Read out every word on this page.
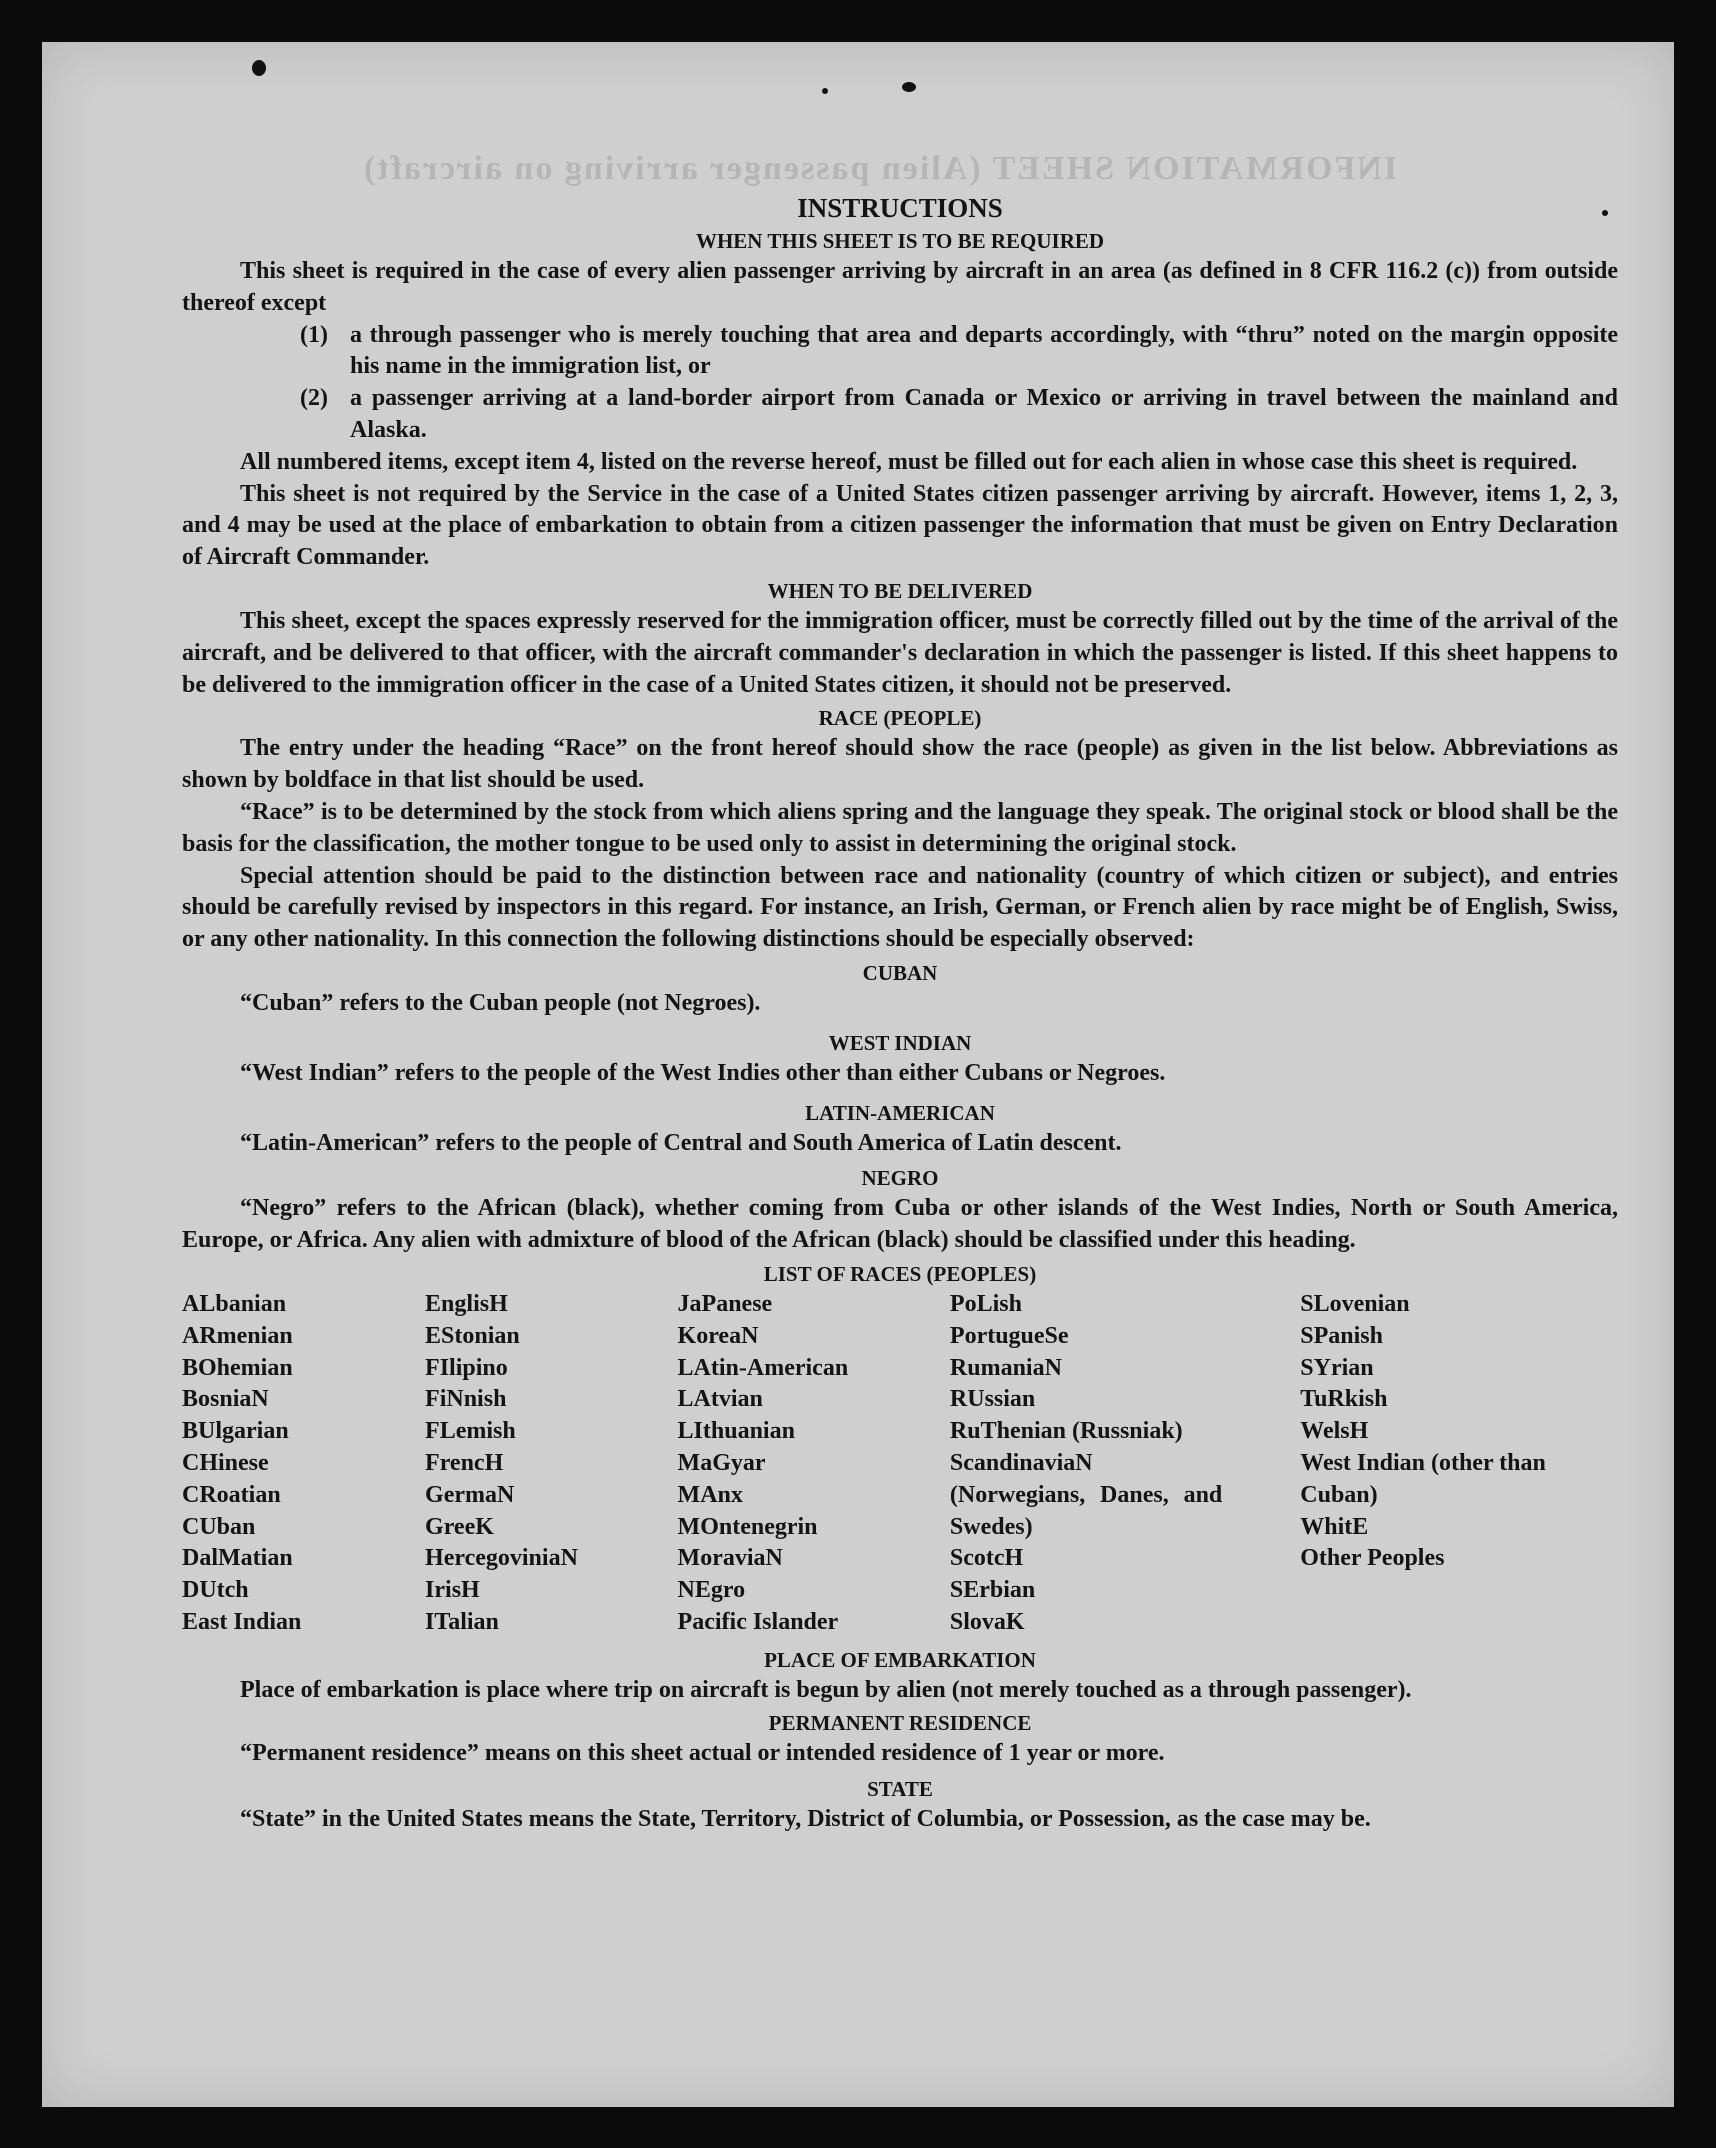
INFORMATION SHEET (Alien passenger arriving on aircraft)
INSTRUCTIONS
WHEN THIS SHEET IS TO BE REQUIRED

This sheet is required in the case of every alien passenger arriving by aircraft in an area (as defined in 8 CFR 116.2 (c)) from outside thereof except

(1) a through passenger who is merely touching that area and departs accordingly, with “thru” noted on the margin opposite his name in the immigration list, or
(2) a passenger arriving at a land-border airport from Canada or Mexico or arriving in travel between the mainland and Alaska.

All numbered items, except item 4, listed on the reverse hereof, must be filled out for each alien in whose case this sheet is required.

This sheet is not required by the Service in the case of a United States citizen passenger arriving by aircraft. However, items 1, 2, 3, and 4 may be used at the place of embarkation to obtain from a citizen passenger the information that must be given on Entry Declaration of Aircraft Commander.

WHEN TO BE DELIVERED

This sheet, except the spaces expressly reserved for the immigration officer, must be correctly filled out by the time of the arrival of the aircraft, and be delivered to that officer, with the aircraft commander's declaration in which the passenger is listed. If this sheet happens to be delivered to the immigration officer in the case of a United States citizen, it should not be preserved.

RACE (PEOPLE)

The entry under the heading “Race” on the front hereof should show the race (people) as given in the list below. Abbreviations as shown by boldface in that list should be used.

“Race” is to be determined by the stock from which aliens spring and the language they speak. The original stock or blood shall be the basis for the classification, the mother tongue to be used only to assist in determining the original stock.

Special attention should be paid to the distinction between race and nationality (country of which citizen or subject), and entries should be carefully revised by inspectors in this regard. For instance, an Irish, German, or French alien by race might be of English, Swiss, or any other nationality. In this connection the following distinctions should be especially observed:

CUBAN

“Cuban” refers to the Cuban people (not Negroes).

WEST INDIAN

“West Indian” refers to the people of the West Indies other than either Cubans or Negroes.

LATIN-AMERICAN

“Latin-American” refers to the people of Central and South America of Latin descent.

NEGRO

“Negro” refers to the African (black), whether coming from Cuba or other islands of the West Indies, North or South America, Europe, or Africa. Any alien with admixture of blood of the African (black) should be classified under this heading.

LIST OF RACES (PEOPLES)
ALbanian
ARmenian
BOhemian
BosniaN
BUlgarian
CHinese
CRoatian
CUban
DalMatian
DUtch
East Indian
EnglisH
EStonian
FIlipino
FiNnish
FLemish
FrencH
GermaN
GreeK
HercegoviniaN
IrisH
ITalian
JaPanese
KoreaN
LAtin-American
LAtvian
LIthuanian
MaGyar
MAnx
MOntenegrin
MoraviaN
NEgro
Pacific Islander
PoLish
PortugueSe
RumaniaN
RUssian
RuThenian (Russniak)
ScandinaviaN (Norwegians, Danes, and Swedes)
ScotcH
SErbian
SlovaK
SLovenian
SPanish
SYrian
TuRkish
WelsH
West Indian (other than Cuban)
WhitE
Other Peoples
PLACE OF EMBARKATION

Place of embarkation is place where trip on aircraft is begun by alien (not merely touched as a through passenger).

PERMANENT RESIDENCE

“Permanent residence” means on this sheet actual or intended residence of 1 year or more.

STATE

“State” in the United States means the State, Territory, District of Columbia, or Possession, as the case may be.
